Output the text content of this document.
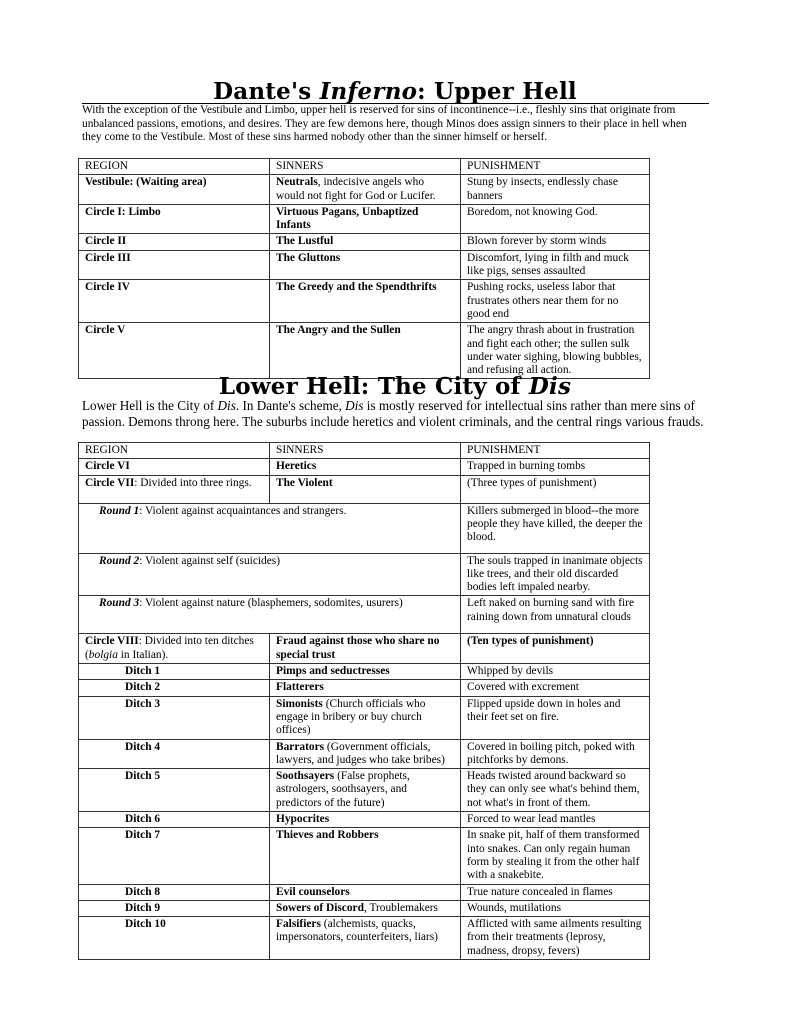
Dante's Inferno: Upper Hell
With the exception of the Vestibule and Limbo, upper hell is reserved for sins of incontinence--i.e., fleshly sins that originate from unbalanced passions, emotions, and desires. They are few demons here, though Minos does assign sinners to their place in hell when they come to the Vestibule. Most of these sins harmed nobody other than the sinner himself or herself.
REGION	SINNERS	PUNISHMENT
Vestibule: (Waiting area)	Neutrals, indecisive angels who would not fight for God or Lucifer.	Stung by insects, endlessly chase banners
Circle I: Limbo	Virtuous Pagans, Unbaptized Infants	Boredom, not knowing God.
Circle II	The Lustful	Blown forever by storm winds
Circle III	The Gluttons	Discomfort, lying in filth and muck like pigs, senses assaulted
Circle IV	The Greedy and the Spendthrifts	Pushing rocks, useless labor that frustrates others near them for no good end
Circle V	The Angry and the Sullen	The angry thrash about in frustration and fight each other; the sullen sulk under water sighing, blowing bubbles, and refusing all action.
Lower Hell: The City of Dis
Lower Hell is the City of Dis. In Dante's scheme, Dis is mostly reserved for intellectual sins rather than mere sins of passion. Demons throng here. The suburbs include heretics and violent criminals, and the central rings various frauds.
REGION	SINNERS	PUNISHMENT
Circle VI	Heretics	Trapped in burning tombs
Circle VII: Divided into three rings.	The Violent	(Three types of punishment)
Round 1: Violent against acquaintances and strangers.		Killers submerged in blood--the more people they have killed, the deeper the blood.
Round 2: Violent against self (suicides)		The souls trapped in inanimate objects like trees, and their old discarded bodies left impaled nearby.
Round 3: Violent against nature (blasphemers, sodomites, usurers)		Left naked on burning sand with fire raining down from unnatural clouds
Circle VIII: Divided into ten ditches (bolgia in Italian).	Fraud against those who share no special trust	(Ten types of punishment)
Ditch 1	Pimps and seductresses	Whipped by devils
Ditch 2	Flatterers	Covered with excrement
Ditch 3	Simonists (Church officials who engage in bribery or buy church offices)	Flipped upside down in holes and their feet set on fire.
Ditch 4	Barrators (Government officials, lawyers, and judges who take bribes)	Covered in boiling pitch, poked with pitchforks by demons.
Ditch 5	Soothsayers (False prophets, astrologers, soothsayers, and predictors of the future)	Heads twisted around backward so they can only see what's behind them, not what's in front of them.
Ditch 6	Hypocrites	Forced to wear lead mantles
Ditch 7	Thieves and Robbers	In snake pit, half of them transformed into snakes. Can only regain human form by stealing it from the other half with a snakebite.
Ditch 8	Evil counselors	True nature concealed in flames
Ditch 9	Sowers of Discord, Troublemakers	Wounds, mutilations
Ditch 10	Falsifiers (alchemists, quacks, impersonators, counterfeiters, liars)	Afflicted with same ailments resulting from their treatments (leprosy, madness, dropsy, fevers)
